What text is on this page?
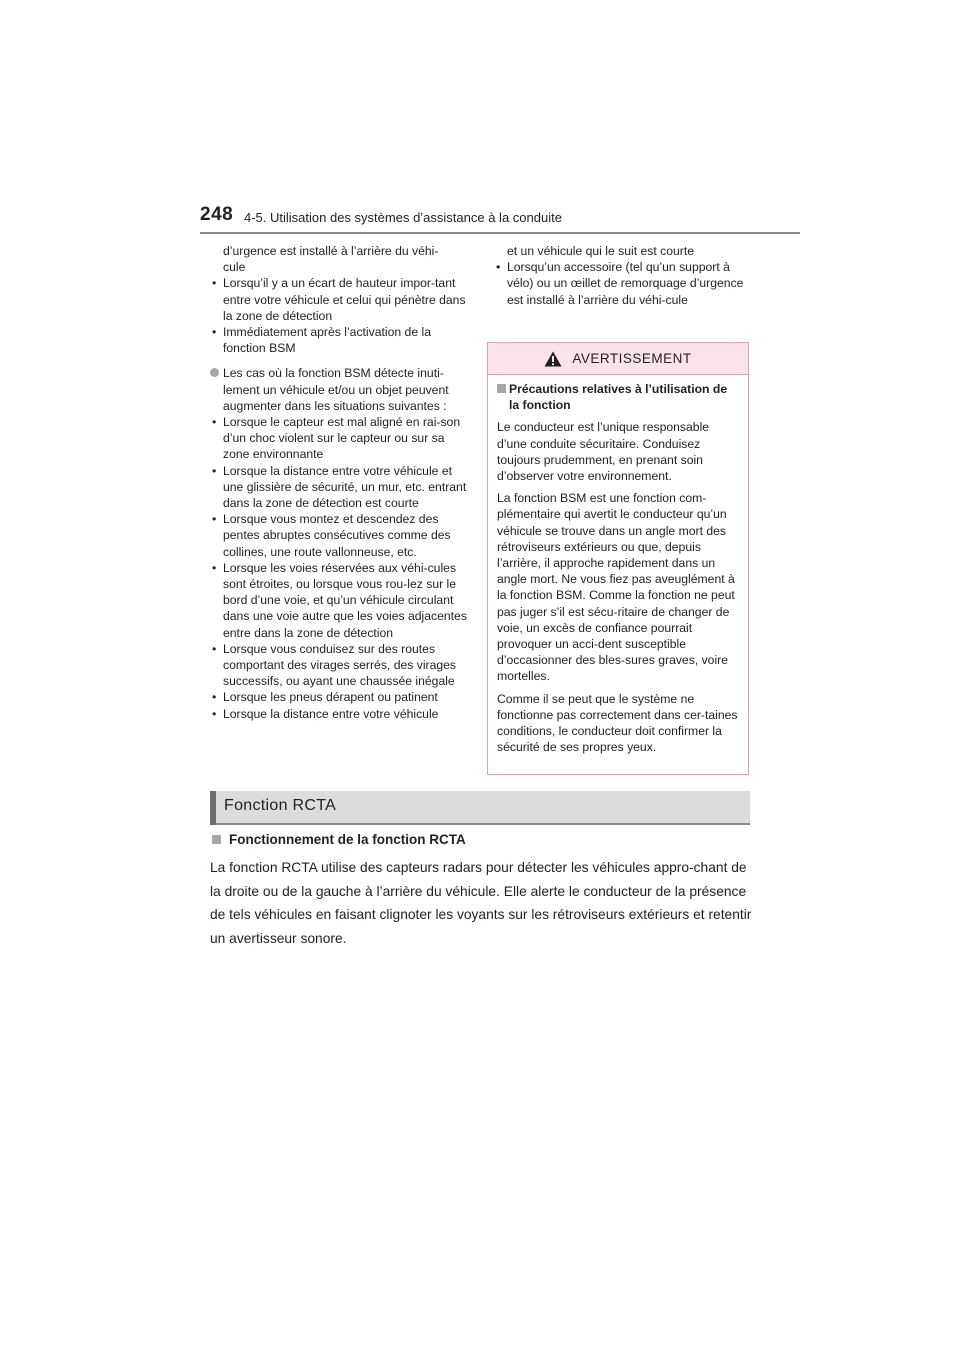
248 4-5. Utilisation des systèmes d’assistance à la conduite

d’urgence est installé à l’arrière du véhi-

cule

• Lorsqu’il y a un écart de hauteur impor-tant entre votre véhicule et celui qui pénètre dans la zone de détection
• Immédiatement après l’activation de la fonction BSM
Les cas où la fonction BSM détecte inuti-lement un véhicule et/ou un objet peuvent augmenter dans les situations suivantes :
• Lorsque le capteur est mal aligné en rai-son d’un choc violent sur le capteur ou sur sa zone environnante
• Lorsque la distance entre votre véhicule et une glissière de sécurité, un mur, etc. entrant dans la zone de détection est courte
• Lorsque vous montez et descendez des pentes abruptes consécutives comme des collines, une route vallonneuse, etc.
• Lorsque les voies réservées aux véhi-cules sont étroites, ou lorsque vous rou-lez sur le bord d’une voie, et qu’un véhicule circulant dans une voie autre que les voies adjacentes entre dans la zone de détection
• Lorsque vous conduisez sur des routes comportant des virages serrés, des virages successifs, ou ayant une chaussée inégale
• Lorsque les pneus dérapent ou patinent
• Lorsque la distance entre votre véhicule

et un véhicule qui le suit est courte

• Lorsqu’un accessoire (tel qu’un support à vélo) ou un œillet de remorquage d’urgence est installé à l’arrière du véhi-cule
AVERTISSEMENT
Précautions relatives à l’utilisation de la fonction

Le conducteur est l’unique responsable d’une conduite sécuritaire. Conduisez toujours prudemment, en prenant soin d’observer votre environnement.

La fonction BSM est une fonction com-plémentaire qui avertit le conducteur qu’un véhicule se trouve dans un angle mort des rétroviseurs extérieurs ou que, depuis l’arrière, il approche rapidement dans un angle mort. Ne vous fiez pas aveuglément à la fonction BSM. Comme la fonction ne peut pas juger s’il est sécu-ritaire de changer de voie, un excès de confiance pourrait provoquer un acci-dent susceptible d’occasionner des bles-sures graves, voire mortelles.

Comme il se peut que le système ne fonctionne pas correctement dans cer-taines conditions, le conducteur doit confirmer la sécurité de ses propres yeux.

Fonction RCTA
Fonctionnement de la fonction RCTA

La fonction RCTA utilise des capteurs radars pour détecter les véhicules appro-chant de la droite ou de la gauche à l’arrière du véhicule. Elle alerte le conducteur de la présence de tels véhicules en faisant clignoter les voyants sur les rétroviseurs extérieurs et retentir un avertisseur sonore.
